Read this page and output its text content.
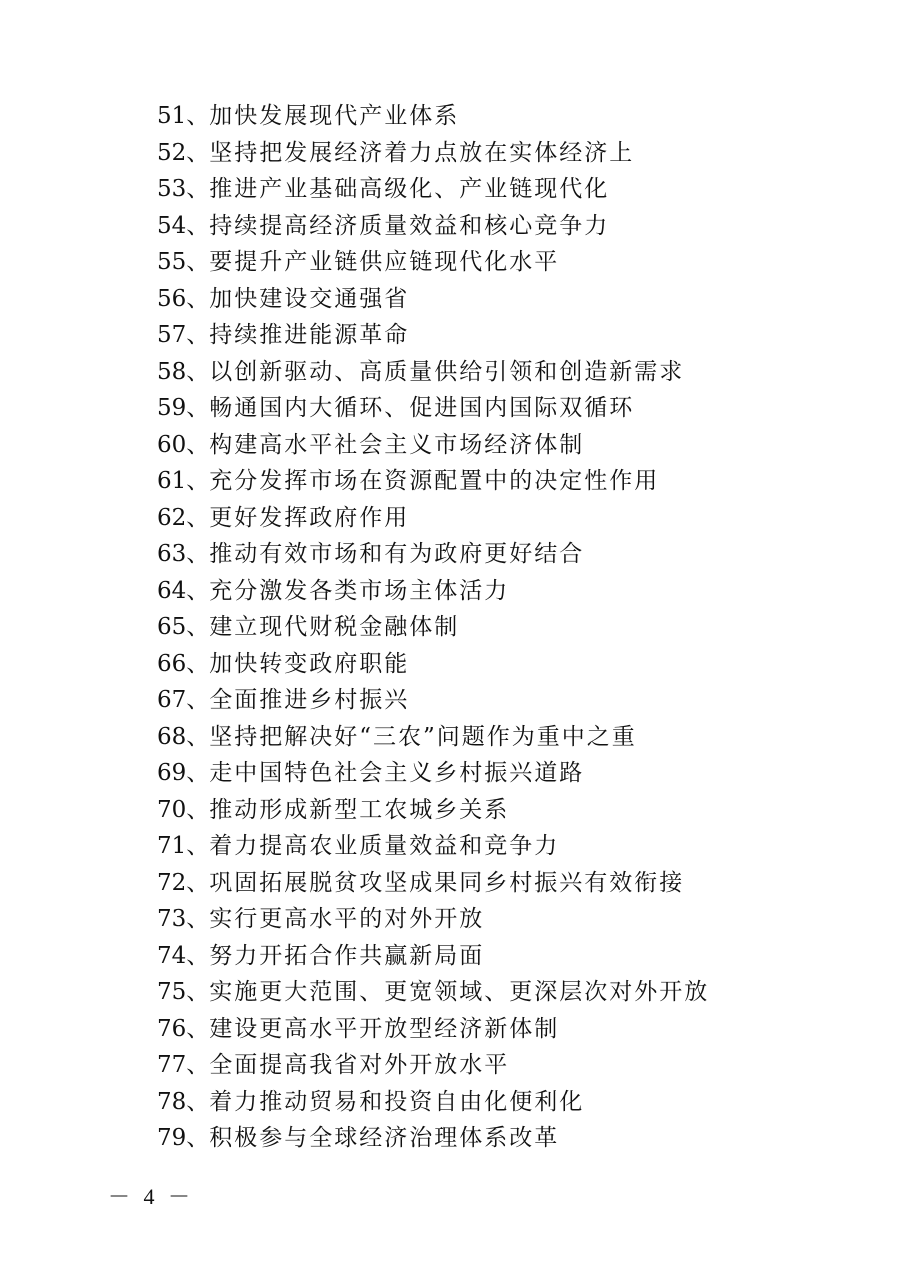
51、加快发展现代产业体系
52、坚持把发展经济着力点放在实体经济上
53、推进产业基础高级化、产业链现代化
54、持续提高经济质量效益和核心竞争力
55、要提升产业链供应链现代化水平
56、加快建设交通强省
57、持续推进能源革命
58、以创新驱动、高质量供给引领和创造新需求
59、畅通国内大循环、促进国内国际双循环
60、构建高水平社会主义市场经济体制
61、充分发挥市场在资源配置中的决定性作用
62、更好发挥政府作用
63、推动有效市场和有为政府更好结合
64、充分激发各类市场主体活力
65、建立现代财税金融体制
66、加快转变政府职能
67、全面推进乡村振兴
68、坚持把解决好“三农”问题作为重中之重
69、走中国特色社会主义乡村振兴道路
70、推动形成新型工农城乡关系
71、着力提高农业质量效益和竞争力
72、巩固拓展脱贫攻坚成果同乡村振兴有效衔接
73、实行更高水平的对外开放
74、努力开拓合作共赢新局面
75、实施更大范围、更宽领域、更深层次对外开放
76、建设更高水平开放型经济新体制
77、全面提高我省对外开放水平
78、着力推动贸易和投资自由化便利化
79、积极参与全球经济治理体系改革
－ 4 －
